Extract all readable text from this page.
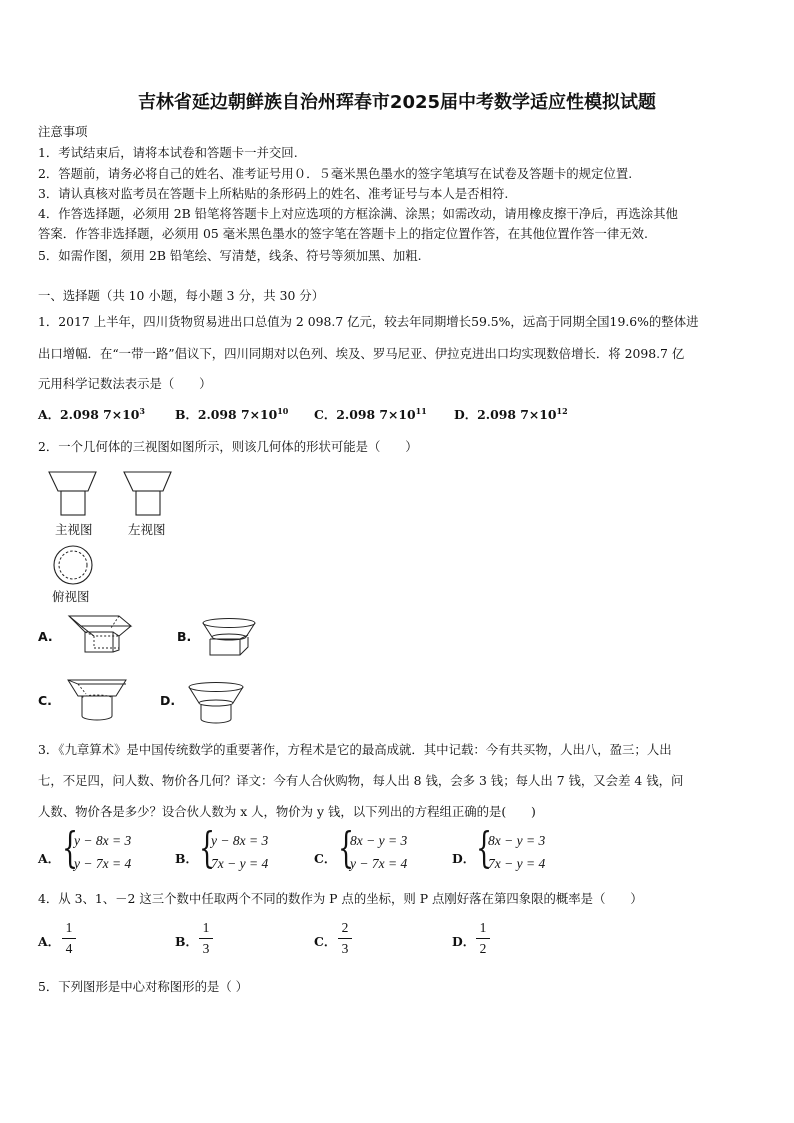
吉林省延边朝鲜族自治州珲春市2025届中考数学适应性模拟试题
注意事项
1．考试结束后，请将本试卷和答题卡一并交回.
2．答题前，请务必将自己的姓名、准考证号用０．５毫米黑色墨水的签字笔填写在试卷及答题卡的规定位置.
3．请认真核对监考员在答题卡上所粘贴的条形码上的姓名、准考证号与本人是否相符.
4．作答选择题，必须用 2B 铅笔将答题卡上对应选项的方框涂满、涂黑；如需改动，请用橡皮擦干净后，再选涂其他
答案．作答非选择题，必须用 05 毫米黑色墨水的签字笔在答题卡上的指定位置作答，在其他位置作答一律无效.
5．如需作图，须用 2B 铅笔绘、写清楚，线条、符号等须加黑、加粗.
一、选择题（共 10 小题，每小题 3 分，共 30 分）
1．2017 上半年，四川货物贸易进出口总值为 2 098.7 亿元，较去年同期增长59.5%，远高于同期全国19.6%的整体进
出口增幅．在“一带一路”倡议下，四川同期对以色列、埃及、罗马尼亚、伊拉克进出口均实现数倍增长．将 2098.7 亿
元用科学记数法表示是（　　）
A．2.098 $7\times 10^3$ B．2.098 $7\times 10^{10}$ C．2.098 $7\times 10^{11}$ D．2.098 $7\times 10^{12}$
2．一个几何体的三视图如图所示，则该几何体的形状可能是（　　）
主视图	左视图
俯视图
A.	B.
C.	D.
3．《九章算术》是中国传统数学的重要著作，方程术是它的最高成就．其中记载：今有共买物，人出八，盈三；人出
七，不足四，问人数、物价各几何？译文：今有人合伙购物，每人出 8 钱，会多 3 钱；每人出 7 钱，又会差 4 钱，问
人数、物价各是多少？设合伙人数为 x 人，物价为 y 钱，以下列出的方程组正确的是(　　)
A． {
y − 8x = 3
y − 7x = 4	B． {
y − 8x = 3
7x − y = 4	C． {
8x − y = 3
y − 7x = 4	D． {
8x − y = 3
7x − y = 4
4．从 3、1、－2 这三个数中任取两个不同的数作为 P 点的坐标，则 P 点刚好落在第四象限的概率是（　　）
A．
1
4	B．
1
3	C．
2
3	D．
1
2
5．下列图形是中心对称图形的是（ ）
